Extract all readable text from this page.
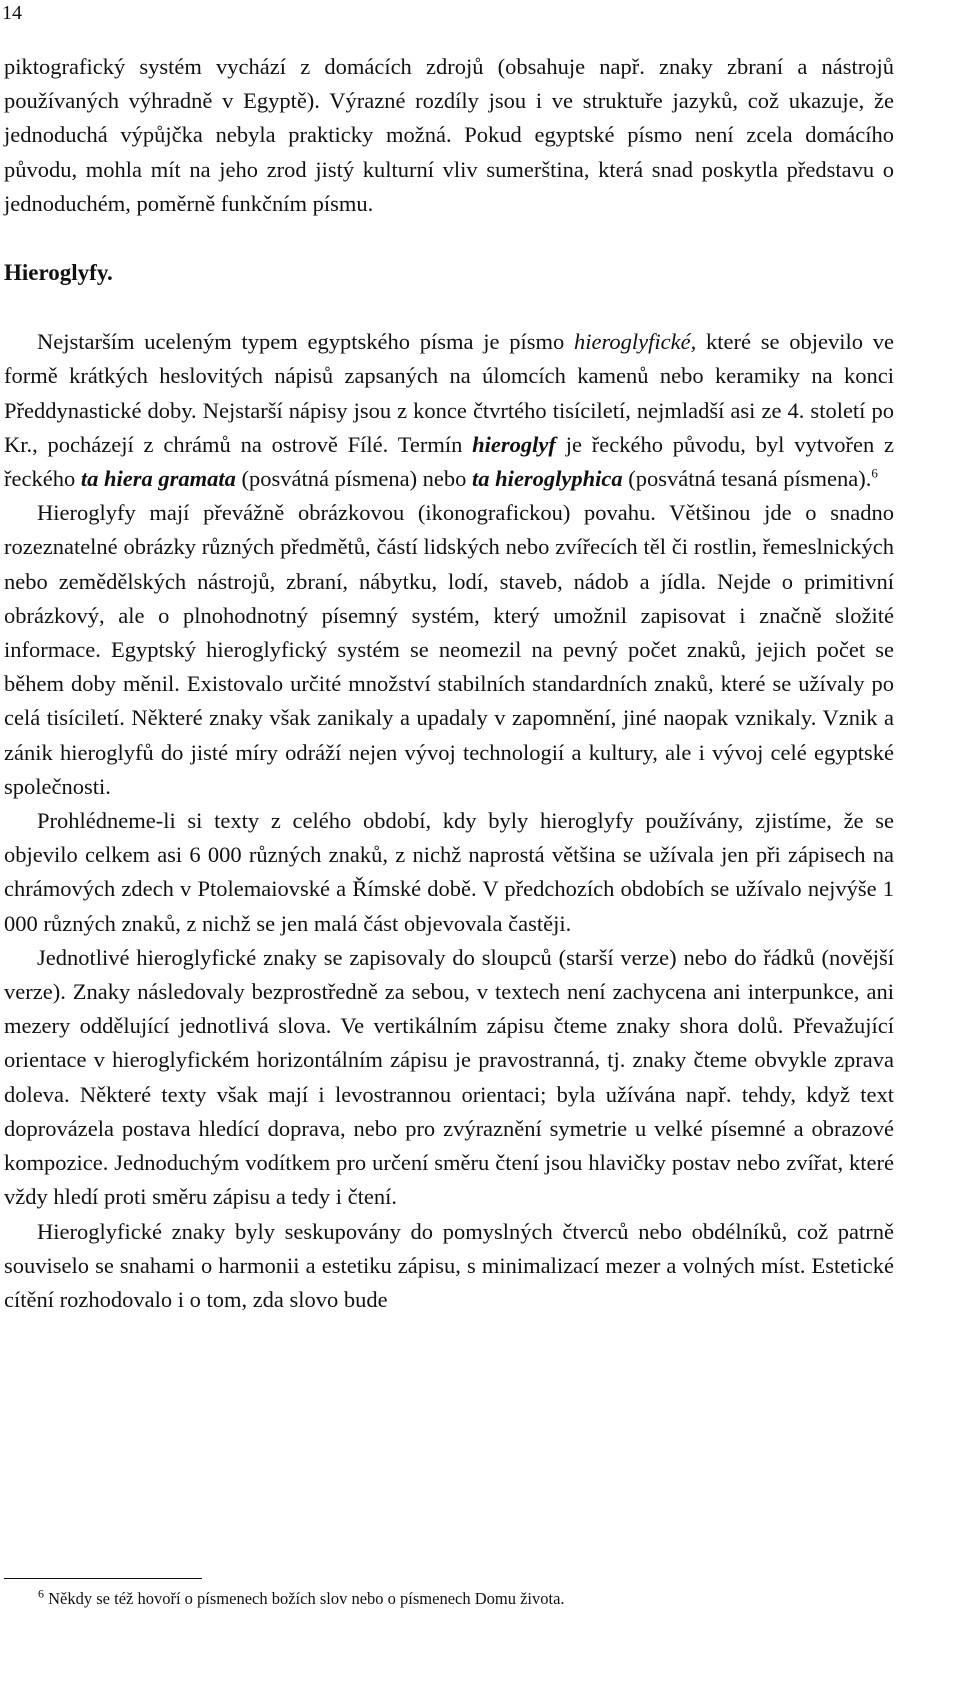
14

piktografický systém vychází z domácích zdrojů (obsahuje např. znaky zbraní a nástrojů používaných výhradně v Egyptě). Výrazné rozdíly jsou i ve struktuře jazyků, což ukazuje, že jednoduchá výpůjčka nebyla prakticky možná. Pokud egyptské písmo není zcela domácího původu, mohla mít na jeho zrod jistý kulturní vliv sumerština, která snad poskytla představu o jednoduchém, poměrně funkčním písmu.

Hieroglyfy.

Nejstarším uceleným typem egyptského písma je písmo hieroglyfické, které se objevilo ve formě krátkých heslovitých nápisů zapsaných na úlomcích kamenů nebo keramiky na konci Předdynastické doby. Nejstarší nápisy jsou z konce čtvrtého tisíciletí, nejmladší asi ze 4. století po Kr., pocházejí z chrámů na ostrově Fílé. Termín hieroglyf je řeckého původu, byl vytvořen z řeckého ta hiera gramata (posvátná písmena) nebo ta hieroglyphica (posvátná tesaná písmena).$^6$

Hieroglyfy mají převážně obrázkovou (ikonografickou) povahu. Většinou jde o snadno rozeznatelné obrázky různých předmětů, částí lidských nebo zvířecích těl či rostlin, řemeslnických nebo zemědělských nástrojů, zbraní, nábytku, lodí, staveb, nádob a jídla. Nejde o primitivní obrázkový, ale o plnohodnotný písemný systém, který umožnil zapisovat i značně složité informace. Egyptský hieroglyfický systém se neomezil na pevný počet znaků, jejich počet se během doby měnil. Existovalo určité množství stabilních standardních znaků, které se užívaly po celá tisíciletí. Některé znaky však zanikaly a upadaly v zapomnění, jiné naopak vznikaly. Vznik a zánik hieroglyfů do jisté míry odráží nejen vývoj technologií a kultury, ale i vývoj celé egyptské společnosti.

Prohlédneme-li si texty z celého období, kdy byly hieroglyfy používány, zjistíme, že se objevilo celkem asi 6 000 různých znaků, z nichž naprostá většina se užívala jen při zápisech na chrámových zdech v Ptolemaiovské a Římské době. V předchozích obdobích se užívalo nejvýše 1 000 různých znaků, z nichž se jen malá část objevovala častěji.

Jednotlivé hieroglyfické znaky se zapisovaly do sloupců (starší verze) nebo do řádků (novější verze). Znaky následovaly bezprostředně za sebou, v textech není zachycena ani interpunkce, ani mezery oddělující jednotlivá slova. Ve vertikálním zápisu čteme znaky shora dolů. Převažující orientace v hieroglyfickém horizontálním zápisu je pravostranná, tj. znaky čteme obvykle zprava doleva. Některé texty však mají i levostrannou orientaci; byla užívána např. tehdy, když text doprovázela postava hledící doprava, nebo pro zvýraznění symetrie u velké písemné a obrazové kompozice. Jednoduchým vodítkem pro určení směru čtení jsou hlavičky postav nebo zvířat, které vždy hledí proti směru zápisu a tedy i čtení.

Hieroglyfické znaky byly seskupovány do pomyslných čtverců nebo obdélníků, což patrně souviselo se snahami o harmonii a estetiku zápisu, s minimalizací mezer a volných míst. Estetické cítění rozhodovalo i o tom, zda slovo bude

$^6$ Někdy se též hovoří o písmenech božích slov nebo o písmenech Domu života.
